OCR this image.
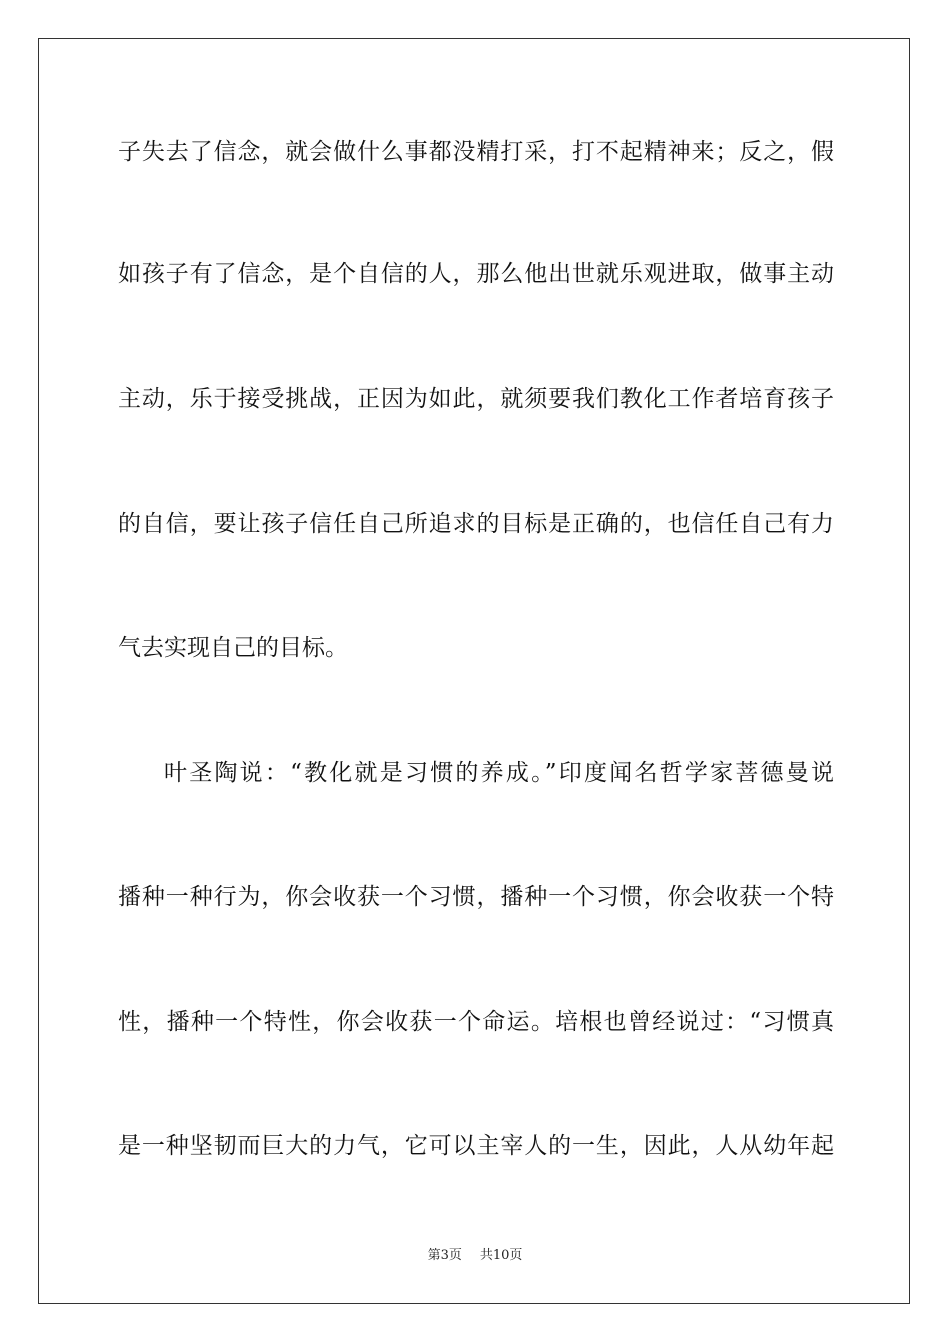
子失去了信念，就会做什么事都没精打采，打不起精神来；反之，假
如孩子有了信念，是个自信的人，那么他出世就乐观进取，做事主动
主动，乐于接受挑战，正因为如此，就须要我们教化工作者培育孩子
的自信，要让孩子信任自己所追求的目标是正确的，也信任自己有力
气去实现自己的目标。
叶圣陶说：“教化就是习惯的养成。”印度闻名哲学家菩德曼说
播种一种行为，你会收获一个习惯，播种一个习惯，你会收获一个特
性，播种一个特性，你会收获一个命运。培根也曾经说过：“习惯真
是一种坚韧而巨大的力气，它可以主宰人的一生，因此，人从幼年起
第3页 共10页
